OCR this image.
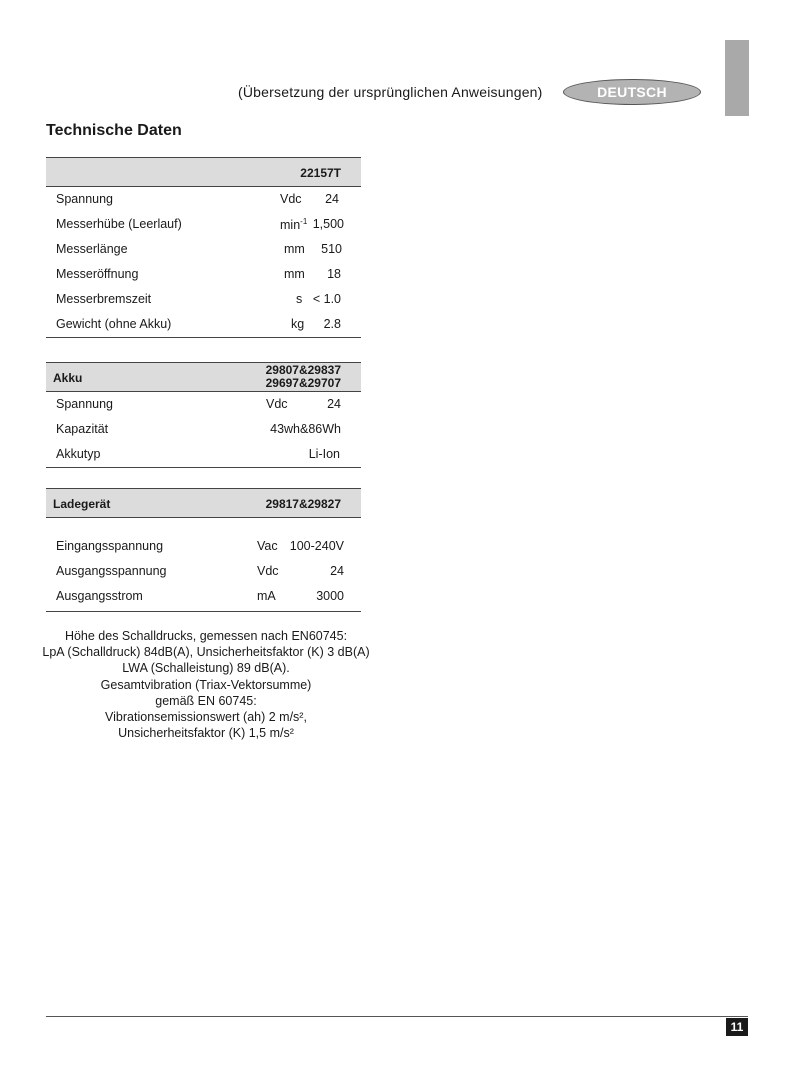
(Übersetzung der ursprünglichen Anweisungen)	DEUTSCH
Technische Daten
22157T
Spannung	Vdc 24
Messerhübe (Leerlauf)	$\min^{-1} 1,500$
Messerlänge	mm 510
Messeröffnung	mm 18
Messerbremszeit	s < 1.0
Gewicht (ohne Akku)	kg 2.8
Akku
29807&29837
29697&29707
Spannung	Vdc	24
Kapazität	43wh&86Wh
Akkutyp	Li-Ion
Ladegerät	29817&29827
Eingangsspannung	Vac 100-240V
Ausgangsspannung	Vdc	24
Ausgangsstrom	mA	3000
Höhe des Schalldrucks, gemessen nach EN60745:
LpA (Schalldruck) 84dB(A), Unsicherheitsfaktor (K) 3 dB(A)
LWA (Schalleistung) 89 dB(A).
Gesamtvibration (Triax-Vektorsumme)
gemäß EN 60745:
Vibrationsemissionswert (ah) 2 m/s²,
Unsicherheitsfaktor (K) 1,5 m/s²
11
